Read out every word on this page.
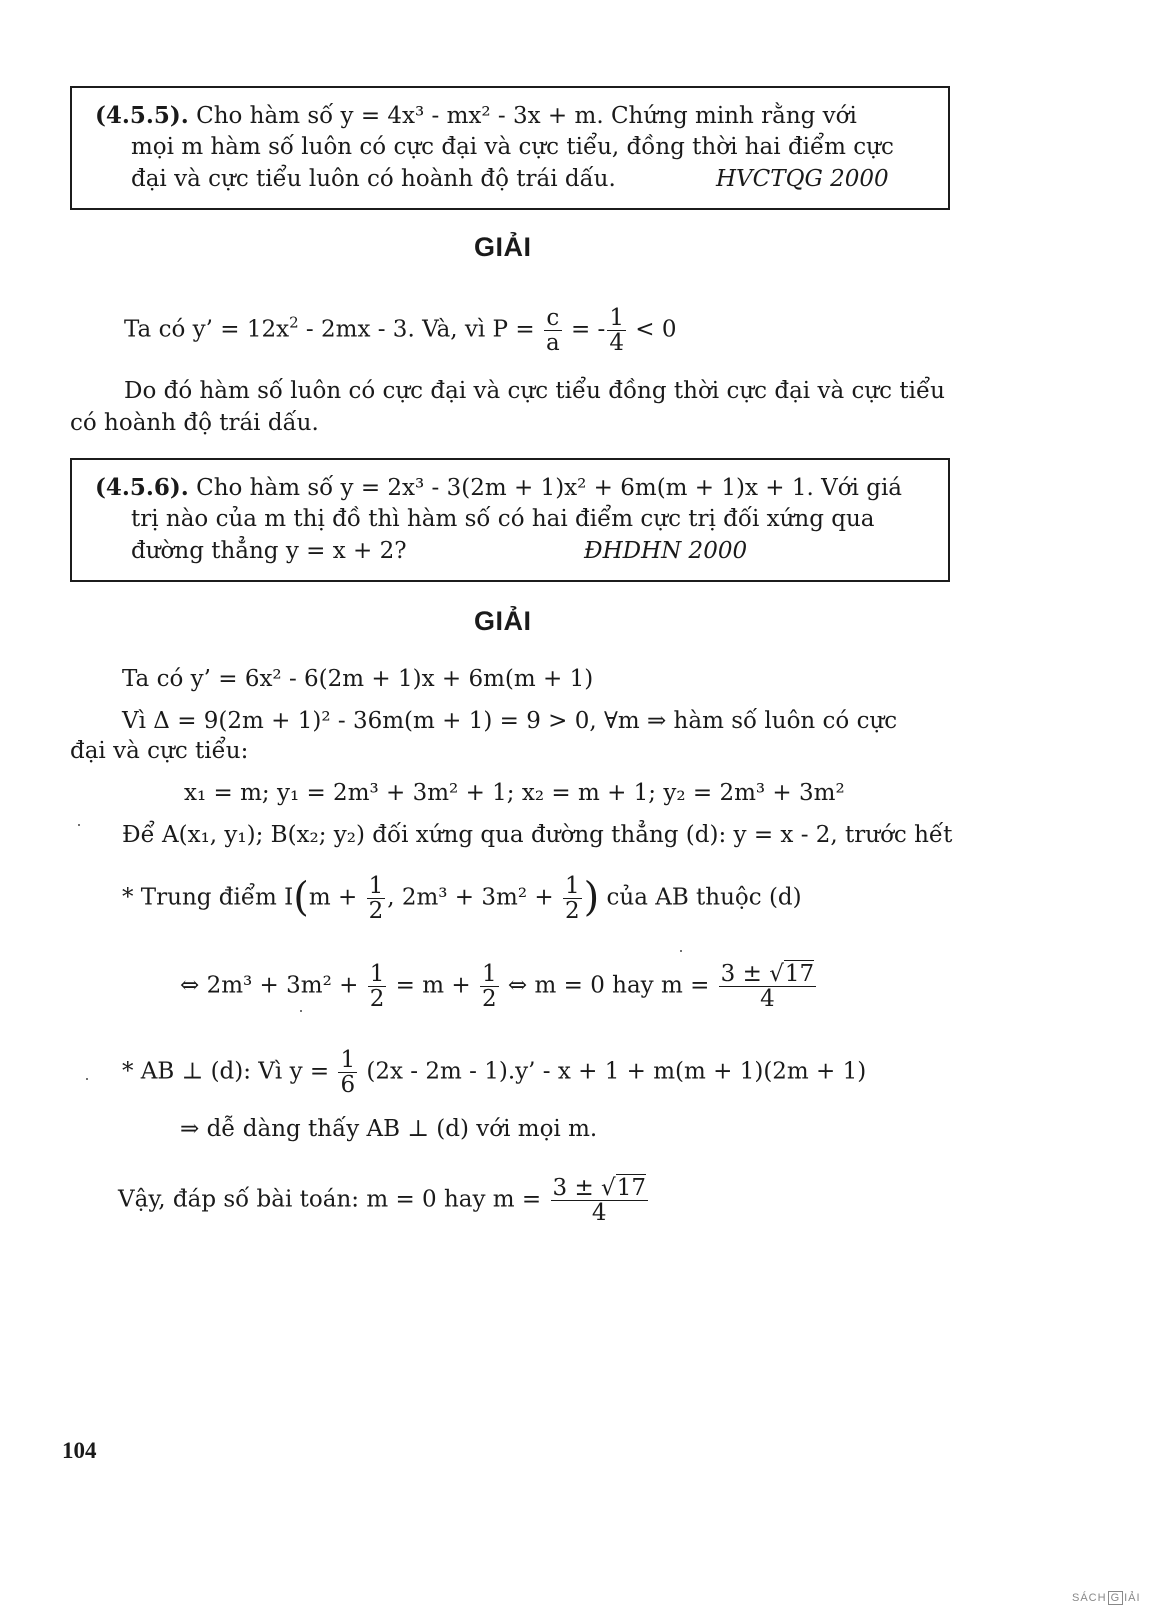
(4.5.5). Cho hàm số y = 4x³ - mx² - 3x + m. Chứng minh rằng với
mọi m hàm số luôn có cực đại và cực tiểu, đồng thời hai điểm cực
đại và cực tiểu luôn có hoành độ trái dấu.	HVCTQG 2000
GIẢI
Ta có y’ = $12x^2 - 2mx - 3$. Và, vì $P = \frac{c}{a}$ = - $\frac{1}{4} < 0$
Do đó hàm số luôn có cực đại và cực tiểu đồng thời cực đại và cực tiểu
có hoành độ trái dấu.
(4.5.6). Cho hàm số y = 2x³ - 3(2m + 1)x² + 6m(m + 1)x + 1. Với giá
trị nào của m thị đồ thì hàm số có hai điểm cực trị đối xứng qua
đường thẳng y = x + 2?	ĐHDHN 2000
GIẢI
Ta có y’ = 6x² - 6(2m + 1)x + 6m(m + 1)
Vì Δ = 9(2m + 1)² - 36m(m + 1) = 9 > 0, ∀m ⇒ hàm số luôn có cực
đại và cực tiểu:
x₁ = m; y₁ = 2m³ + 3m² + 1; x₂ = m + 1; y₂ = 2m³ + 3m²
Để A(x₁, y₁); B(x₂; y₂) đối xứng qua đường thẳng (d): y = x - 2, trước hết
* Trung điểm $I(m + \frac{1}{2}$ , $2m^3 + 3m^2 + \frac{1}{2}$ ) của AB thuộc (d)
⇔ $2m^3 + 3m^2 + \frac{1}{2} = m + \frac{1}{2}$ ⇔ m = 0 hay $m = \frac{3 \pm √17}{4}$
* AB ⊥ (d): Vì $y = \frac{1}{6} (2x - 2m - 1).y$’ - x + 1 + m(m + 1)(2m + 1)
⇒ dễ dàng thấy AB ⊥ (d) với mọi m.
Vậy, đáp số bài toán: m = 0 hay $m = \frac{3 \pm √17}{4}$
104
SÁCH G IẢI
